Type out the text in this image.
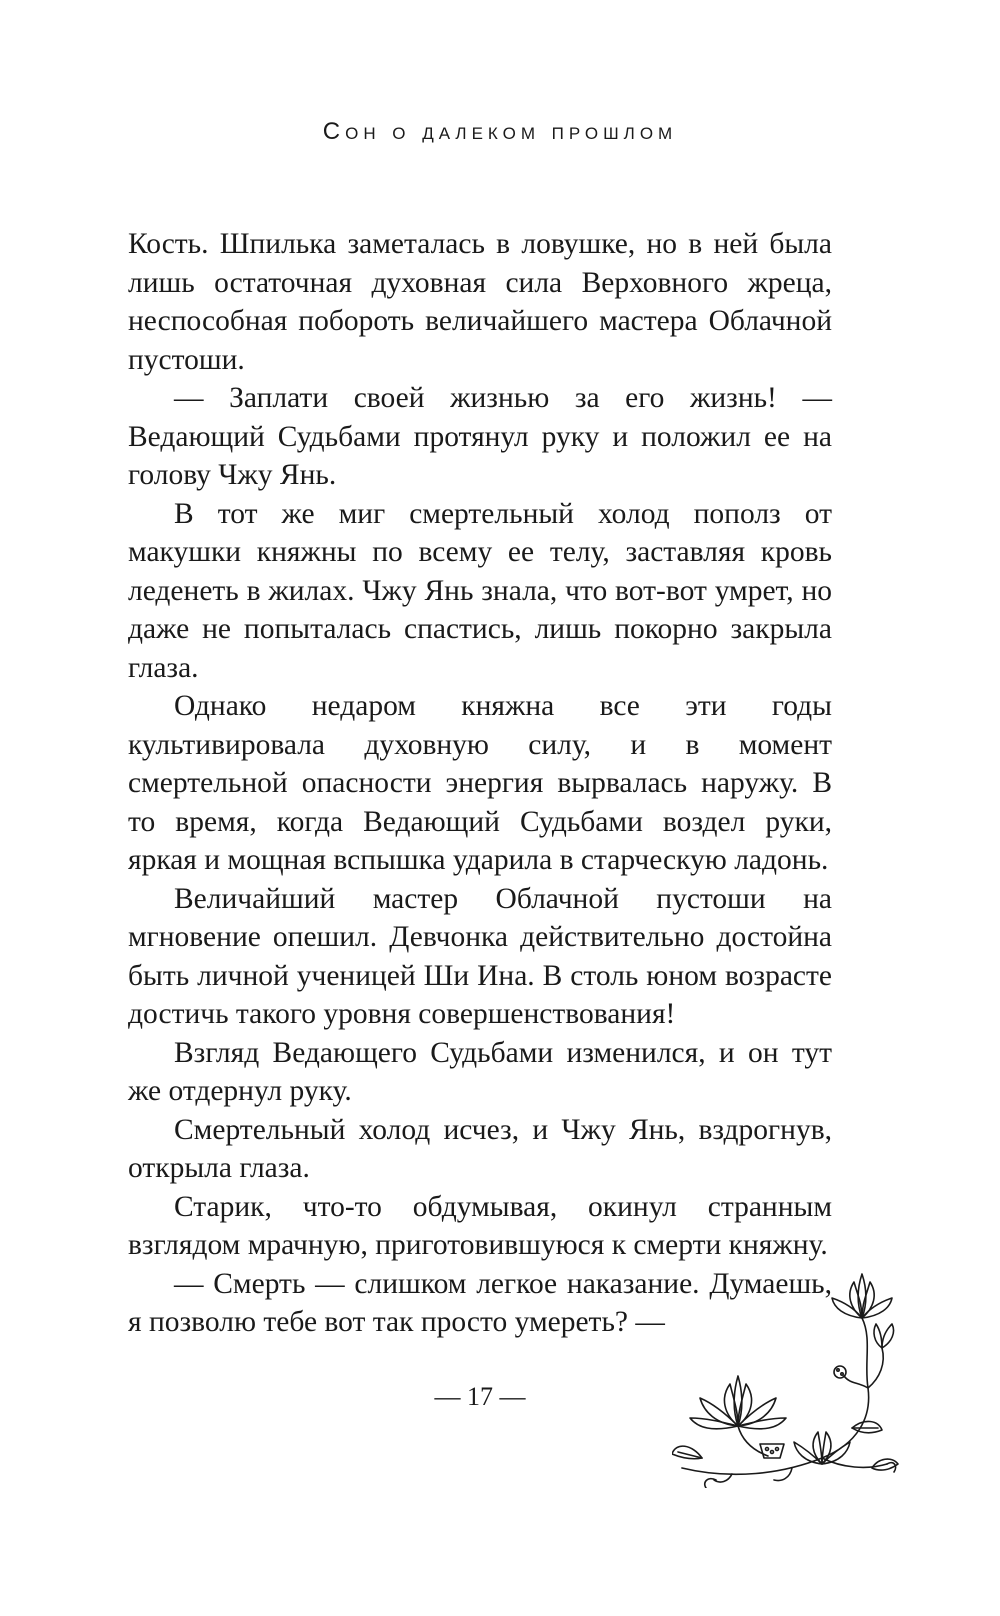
Сон о далеком прошлом

Кость. Шпилька заметалась в ловушке, но в ней была лишь остаточная духовная сила Верховного жреца, неспособная побороть величайшего мастера Облачной пустоши.

— Заплати своей жизнью за его жизнь! — Ведающий Судьбами протянул руку и положил ее на голову Чжу Янь.

В тот же миг смертельный холод пополз от макушки княжны по всему ее телу, заставляя кровь леденеть в жилах. Чжу Янь знала, что вот-вот умрет, но даже не попыталась спастись, лишь покорно закрыла глаза.

Однако недаром княжна все эти годы культивировала духовную силу, и в момент смертельной опасности энергия вырвалась наружу. В то время, когда Ведающий Судьбами воздел руки, яркая и мощная вспышка ударила в старческую ладонь.

Величайший мастер Облачной пустоши на мгновение опешил. Девчонка действительно достойна быть личной ученицей Ши Ина. В столь юном возрасте достичь такого уровня совершенствования!

Взгляд Ведающего Судьбами изменился, и он тут же отдернул руку.

Смертельный холод исчез, и Чжу Янь, вздрогнув, открыла глаза.

Старик, что-то обдумывая, окинул странным взглядом мрачную, приготовившуюся к смерти княжну.

— Смерть — слишком легкое наказание. Думаешь, я позволю тебе вот так просто умереть? —

— 17 —
